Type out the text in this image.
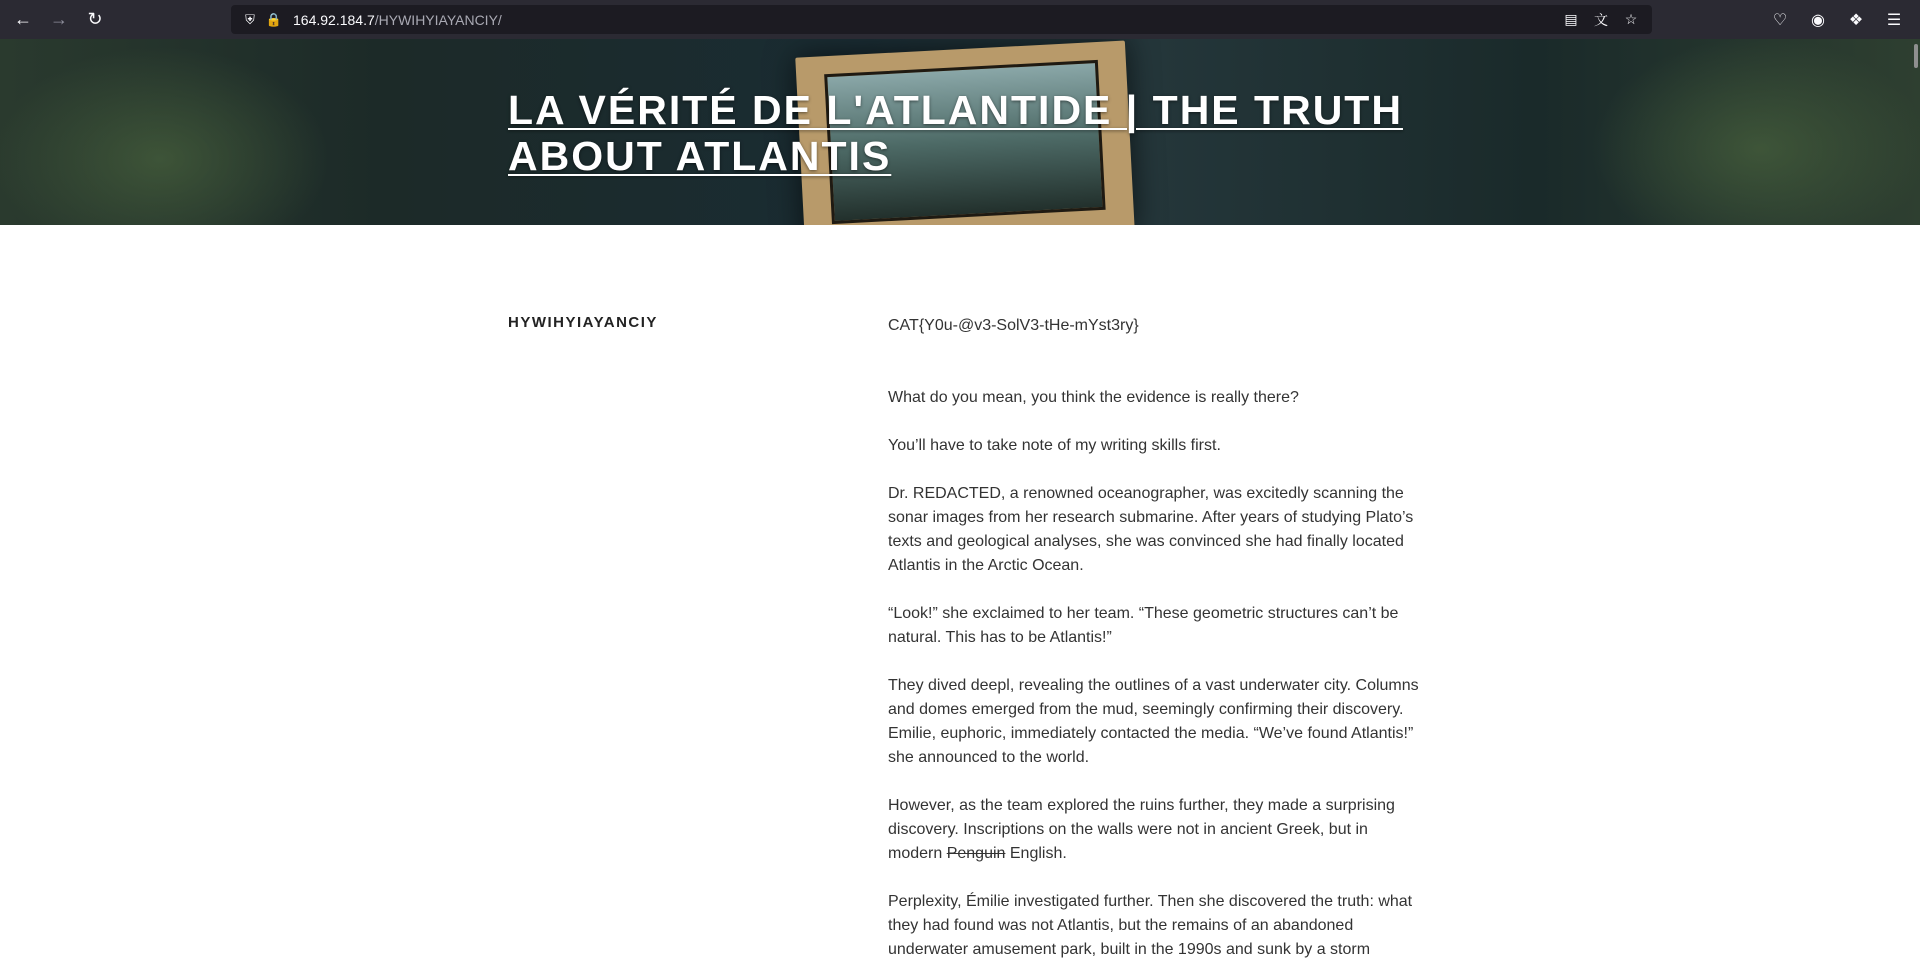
←	→	↻	⛨ 🔒 164.92.184.7/HYWIHYIAYANCIY/	▤	文	☆	♡	◉	❖	☰
LA VÉRITÉ DE L'ATLANTIDE | THE TRUTH ABOUT ATLANTIS
HYWIHYIAYANCIY	CAT{Y0u-@v3-SolV3-tHe-mYst3ry}

What do you mean, you think the evidence is really there?

You’ll have to take note of my writing skills first.

Dr. REDACTED, a renowned oceanographer, was excitedly scanning the sonar images from her research submarine. After years of studying Plato’s texts and geological analyses, she was convinced she had finally located Atlantis in the Arctic Ocean.

“Look!” she exclaimed to her team. “These geometric structures can’t be natural. This has to be Atlantis!”

They dived deepl, revealing the outlines of a vast underwater city. Columns and domes emerged from the mud, seemingly confirming their discovery. Emilie, euphoric, immediately contacted the media. “We’ve found Atlantis!” she announced to the world.

However, as the team explored the ruins further, they made a surprising discovery. Inscriptions on the walls were not in ancient Greek, but in modern Penguin English.

Perplexity, Émilie investigated further. Then she discovered the truth: what they had found was not Atlantis, but the remains of an abandoned underwater amusement park, built in the 1990s and sunk by a storm
